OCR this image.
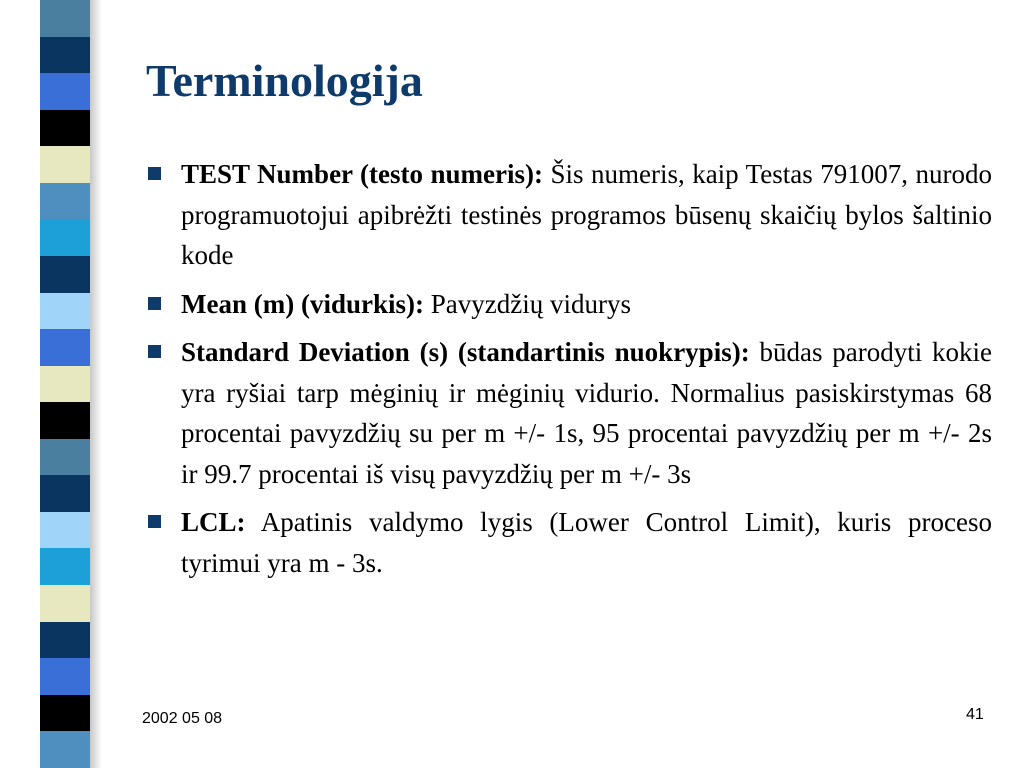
Terminologija
TEST Number (testo numeris): Šis numeris, kaip Testas 791007, nurodo programuotojui apibrėžti testinės programos būsenų skaičių bylos šaltinio kode
Mean (m) (vidurkis): Pavyzdžių vidurys
Standard Deviation (s) (standartinis nuokrypis): būdas parodyti kokie yra ryšiai tarp mėginių ir mėginių vidurio. Normalius pasiskirstymas 68 procentai pavyzdžių su per m +/- 1s, 95 procentai pavyzdžių per m +/- 2s ir 99.7 procentai iš visų pavyzdžių per m +/- 3s
LCL: Apatinis valdymo lygis (Lower Control Limit), kuris proceso tyrimui yra m - 3s.
2002 05 08	41
